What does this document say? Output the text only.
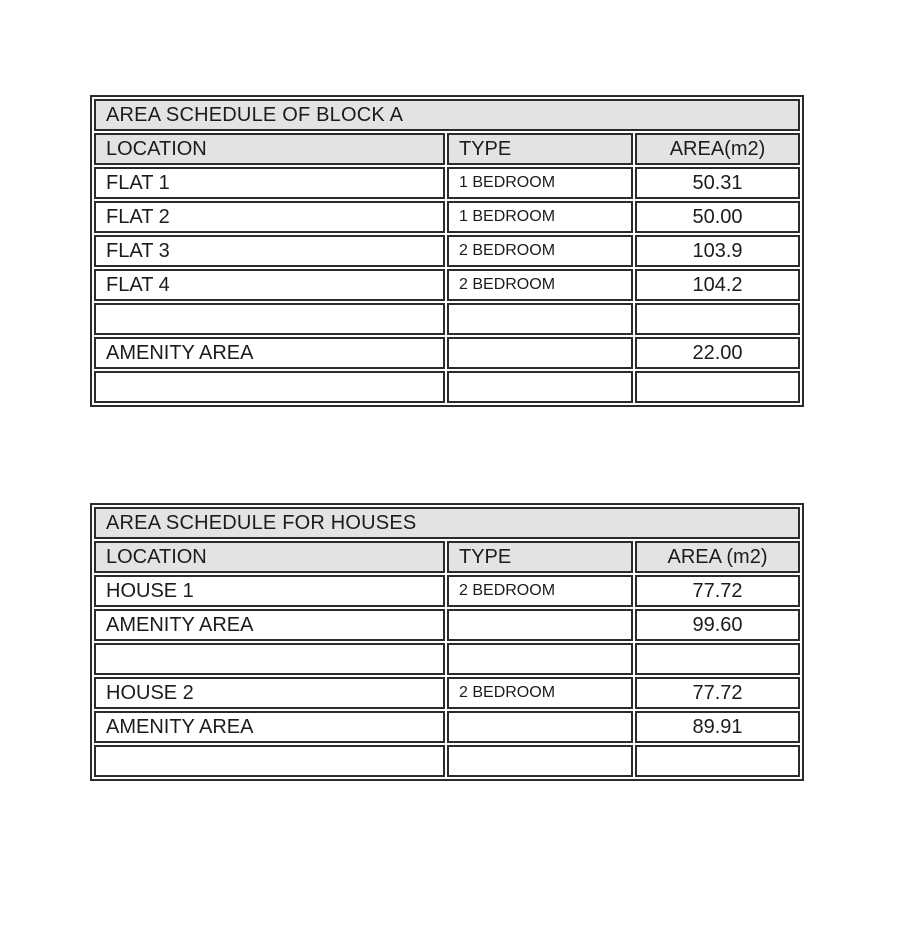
AREA SCHEDULE OF BLOCK A		
LOCATION	TYPE	AREA(m2)
FLAT 1	1 BEDROOM	50.31
FLAT 2	1 BEDROOM	50.00
FLAT 3	2 BEDROOM	103.9
FLAT 4	2 BEDROOM	104.2

AMENITY AREA		22.00

AREA SCHEDULE FOR HOUSES		
LOCATION	TYPE	AREA (m2)
HOUSE 1	2 BEDROOM	77.72
AMENITY AREA		99.60

HOUSE 2	2 BEDROOM	77.72
AMENITY AREA		89.91
